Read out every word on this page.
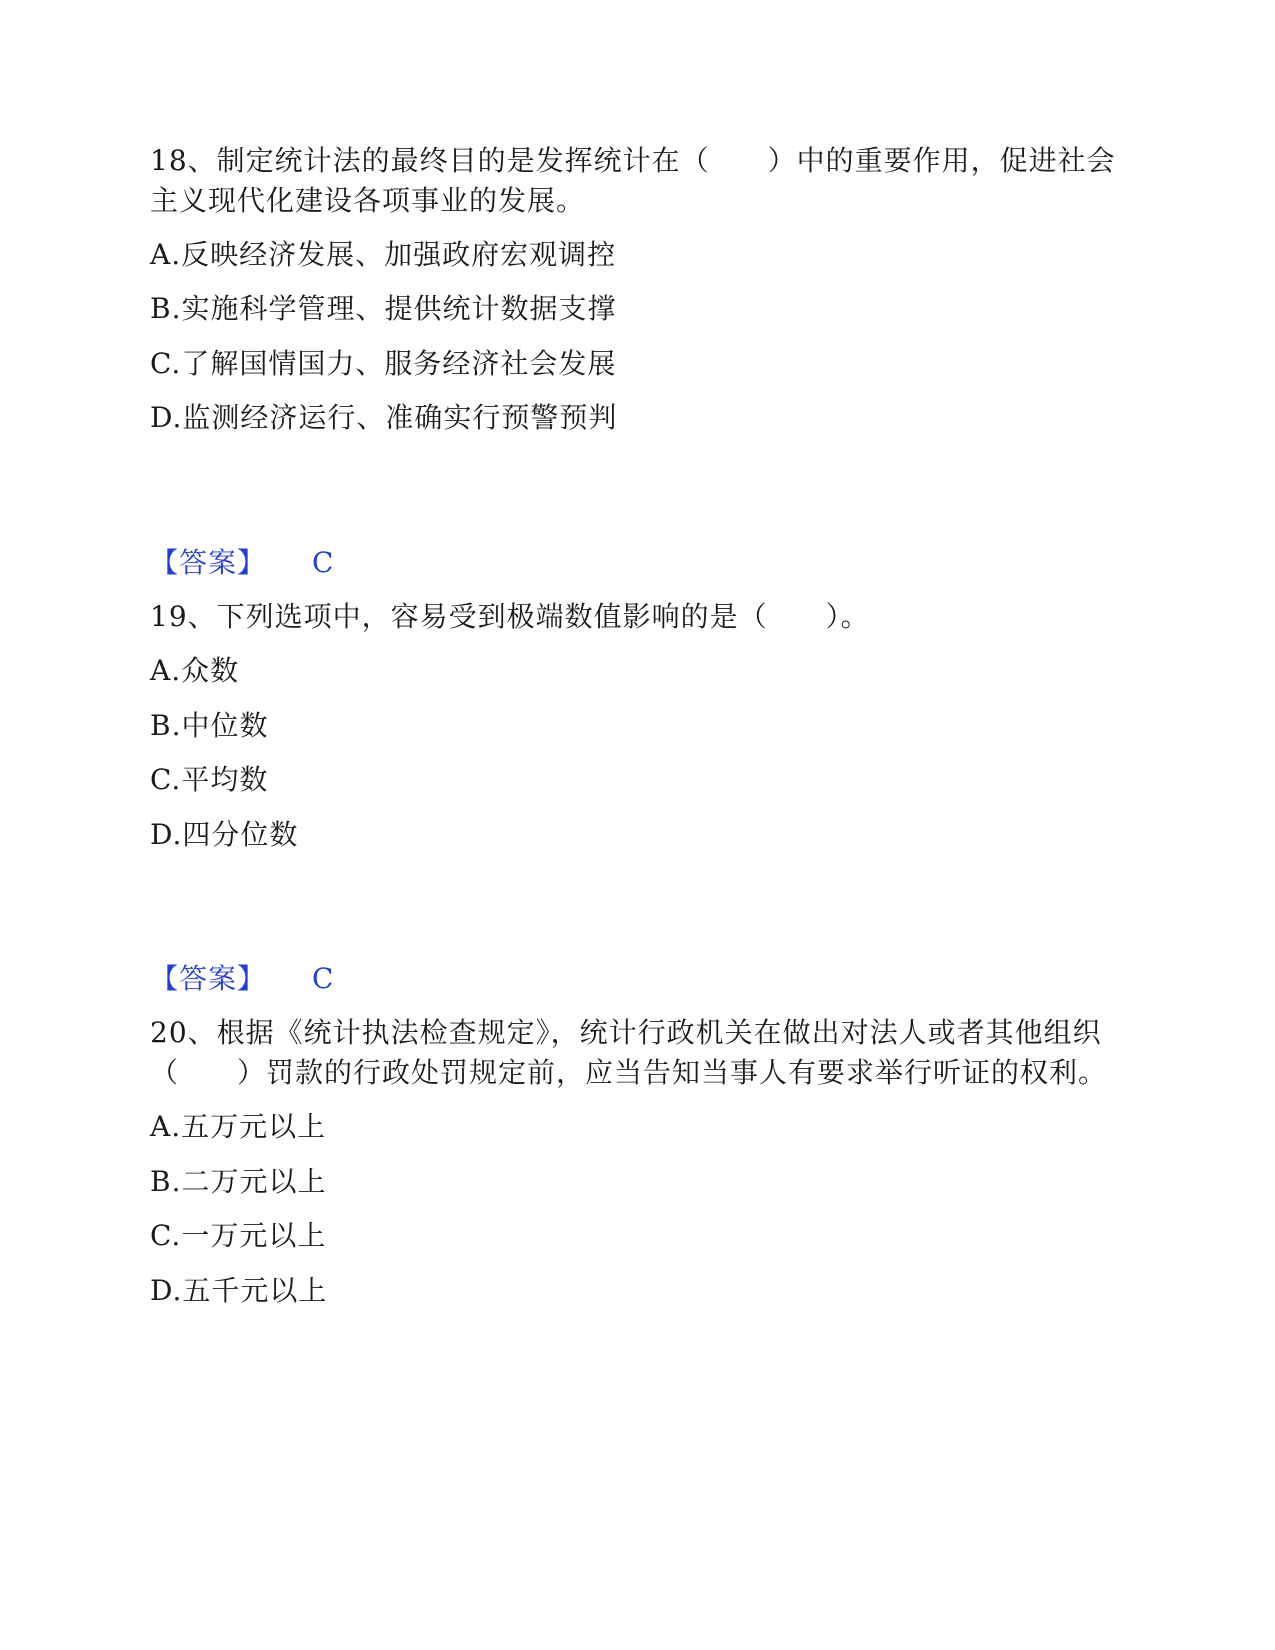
18、制定统计法的最终目的是发挥统计在（　　）中的重要作用，促进社会
主义现代化建设各项事业的发展。
A.反映经济发展、加强政府宏观调控
B.实施科学管理、提供统计数据支撑
C.了解国情国力、服务经济社会发展
D.监测经济运行、准确实行预警预判
【答案】 C
19、下列选项中，容易受到极端数值影响的是（　　）。
A.众数
B.中位数
C.平均数
D.四分位数
【答案】 C
20、根据《统计执法检查规定》，统计行政机关在做出对法人或者其他组织
（　　）罚款的行政处罚规定前，应当告知当事人有要求举行听证的权利。
A.五万元以上
B.二万元以上
C.一万元以上
D.五千元以上
